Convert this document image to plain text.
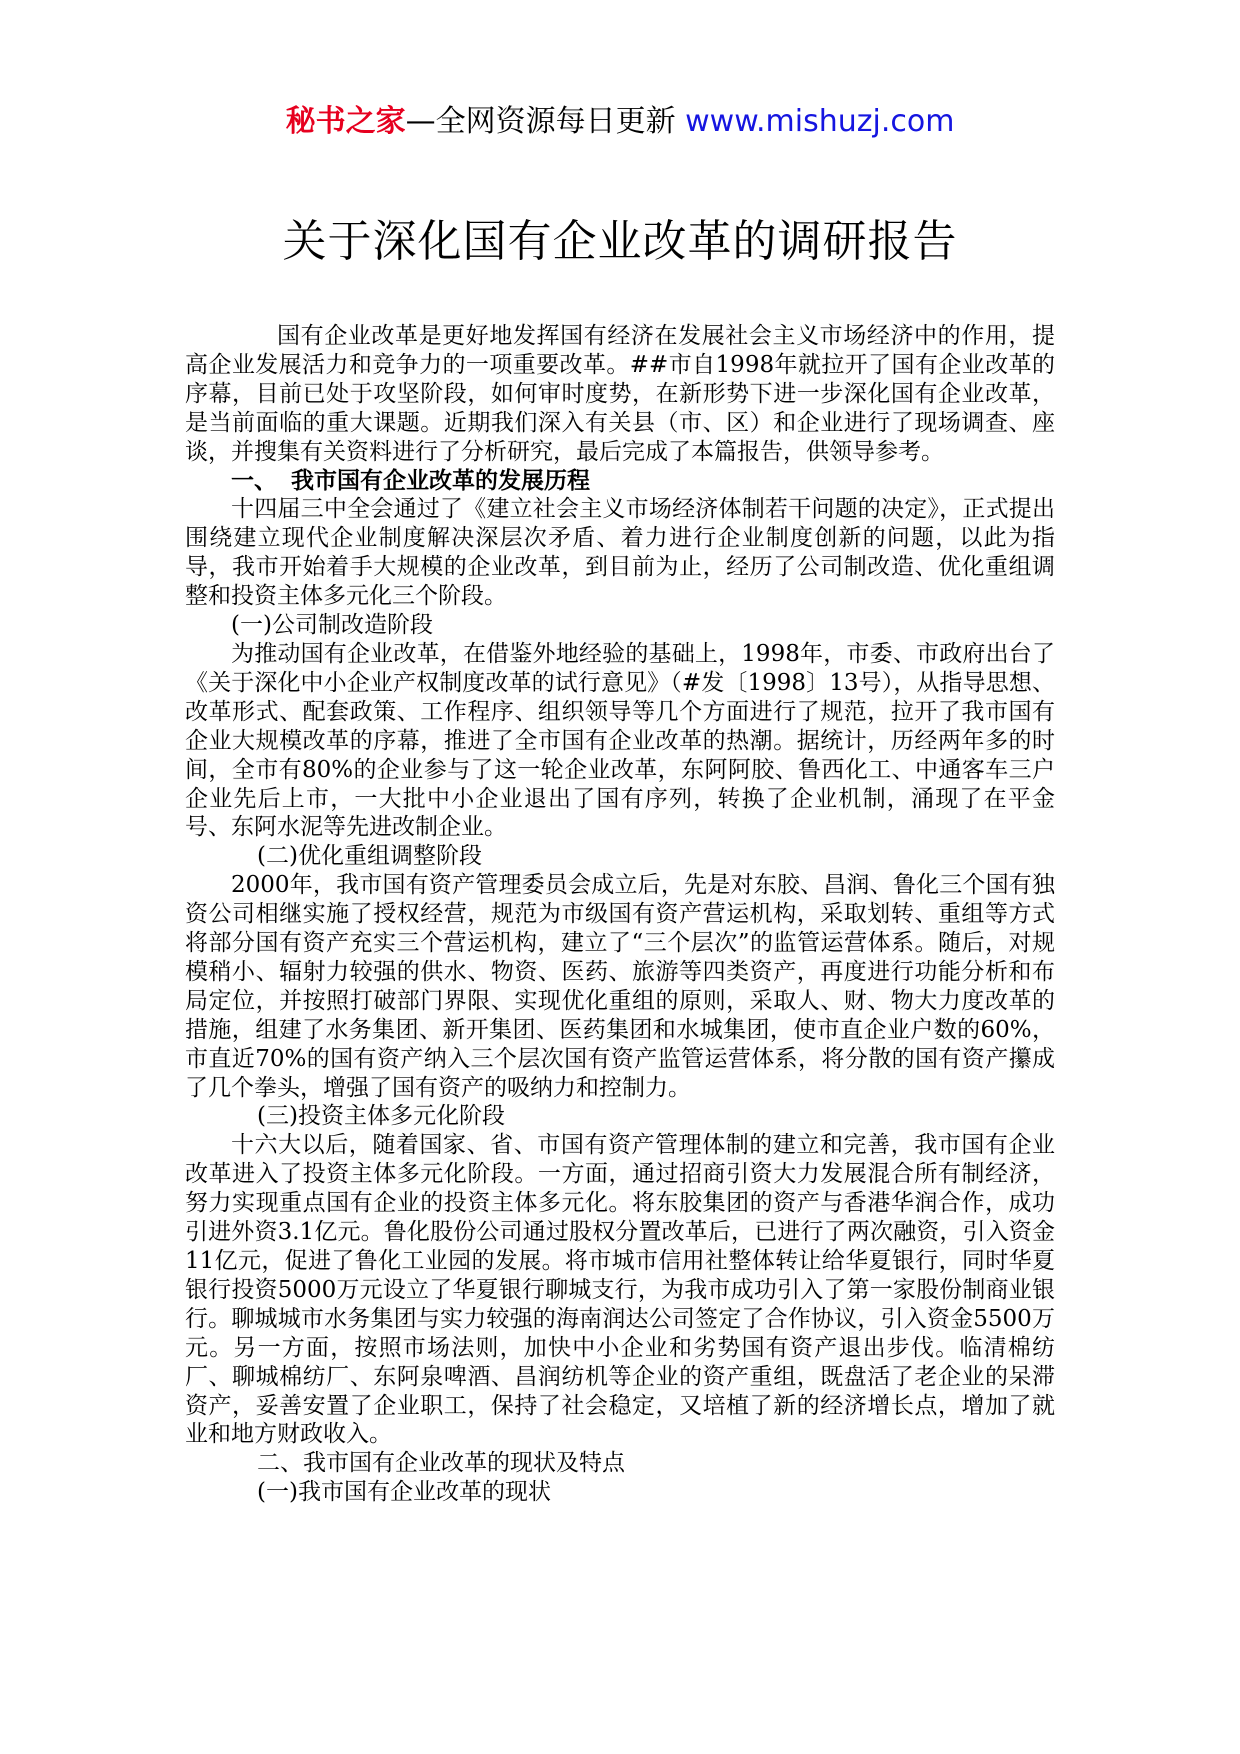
秘书之家—全网资源每日更新 www.mishuzj.com
关于深化国有企业改革的调研报告

国有企业改革是更好地发挥国有经济在发展社会主义市场经济中的作用，提高企业发展活力和竞争力的一项重要改革。##市自1998年就拉开了国有企业改革的序幕，目前已处于攻坚阶段，如何审时度势，在新形势下进一步深化国有企业改革，是当前面临的重大课题。近期我们深入有关县（市、区）和企业进行了现场调查、座谈，并搜集有关资料进行了分析研究，最后完成了本篇报告，供领导参考。

一、 我市国有企业改革的发展历程

十四届三中全会通过了《建立社会主义市场经济体制若干问题的决定》，正式提出围绕建立现代企业制度解决深层次矛盾、着力进行企业制度创新的问题，以此为指导，我市开始着手大规模的企业改革，到目前为止，经历了公司制改造、优化重组调整和投资主体多元化三个阶段。

(一)公司制改造阶段

为推动国有企业改革，在借鉴外地经验的基础上，1998年，市委、市政府出台了《关于深化中小企业产权制度改革的试行意见》（#发〔1998〕13号），从指导思想、改革形式、配套政策、工作程序、组织领导等几个方面进行了规范，拉开了我市国有企业大规模改革的序幕，推进了全市国有企业改革的热潮。据统计，历经两年多的时间，全市有80%的企业参与了这一轮企业改革，东阿阿胶、鲁西化工、中通客车三户企业先后上市，一大批中小企业退出了国有序列，转换了企业机制，涌现了在平金号、东阿水泥等先进改制企业。

(二)优化重组调整阶段

2000年，我市国有资产管理委员会成立后，先是对东胶、昌润、鲁化三个国有独资公司相继实施了授权经营，规范为市级国有资产营运机构，采取划转、重组等方式将部分国有资产充实三个营运机构，建立了“三个层次”的监管运营体系。随后，对规模稍小、辐射力较强的供水、物资、医药、旅游等四类资产，再度进行功能分析和布局定位，并按照打破部门界限、实现优化重组的原则，采取人、财、物大力度改革的措施，组建了水务集团、新开集团、医药集团和水城集团，使市直企业户数的60%，市直近70%的国有资产纳入三个层次国有资产监管运营体系，将分散的国有资产攥成了几个拳头，增强了国有资产的吸纳力和控制力。

(三)投资主体多元化阶段

十六大以后，随着国家、省、市国有资产管理体制的建立和完善，我市国有企业改革进入了投资主体多元化阶段。一方面，通过招商引资大力发展混合所有制经济，努力实现重点国有企业的投资主体多元化。将东胶集团的资产与香港华润合作，成功引进外资3.1亿元。鲁化股份公司通过股权分置改革后，已进行了两次融资，引入资金11亿元，促进了鲁化工业园的发展。将市城市信用社整体转让给华夏银行，同时华夏银行投资5000万元设立了华夏银行聊城支行，为我市成功引入了第一家股份制商业银行。聊城城市水务集团与实力较强的海南润达公司签定了合作协议，引入资金5500万元。另一方面，按照市场法则，加快中小企业和劣势国有资产退出步伐。临清棉纺厂、聊城棉纺厂、东阿泉啤酒、昌润纺机等企业的资产重组，既盘活了老企业的呆滞资产，妥善安置了企业职工，保持了社会稳定，又培植了新的经济增长点，增加了就业和地方财政收入。

二、我市国有企业改革的现状及特点

(一)我市国有企业改革的现状
